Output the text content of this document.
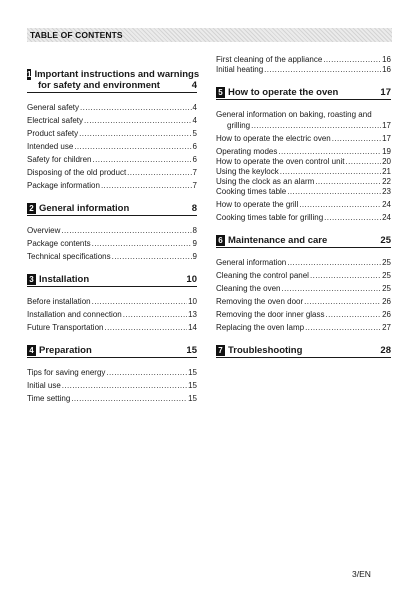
TABLE OF CONTENTS
1 Important instructions and warnings
for safety and environment	4
General safety .....	4
Electrical safety .....	4
Product safety .....	5
Intended use .....	6
Safety for children .....	6
Disposing of the old product .....	7
Package information .....	7
2 General information	8
Overview .....	8
Package contents .....	9
Technical specifications .....	9
3 Installation	10
Before installation .....	10
Installation and connection .....	13
Future Transportation .....	14
4 Preparation	15
Tips for saving energy .....	15
Initial use .....	15
Time setting .....	15
First cleaning of the appliance .....	16
Initial heating .....	16
5 How to operate the oven	17
General information on baking, roasting and
grilling .....	17
How to operate the electric oven .....	17
Operating modes .....	19
How to operate the oven control unit .....	20
Using the keylock .....	21
Using the clock as an alarm .....	22
Cooking times table .....	23
How to operate the grill .....	24
Cooking times table for grilling .....	24
6 Maintenance and care	25
General information .....	25
Cleaning the control panel .....	25
Cleaning the oven .....	25
Removing the oven door .....	26
Removing the door inner glass .....	26
Replacing the oven lamp .....	27
7 Troubleshooting	28
3/EN
